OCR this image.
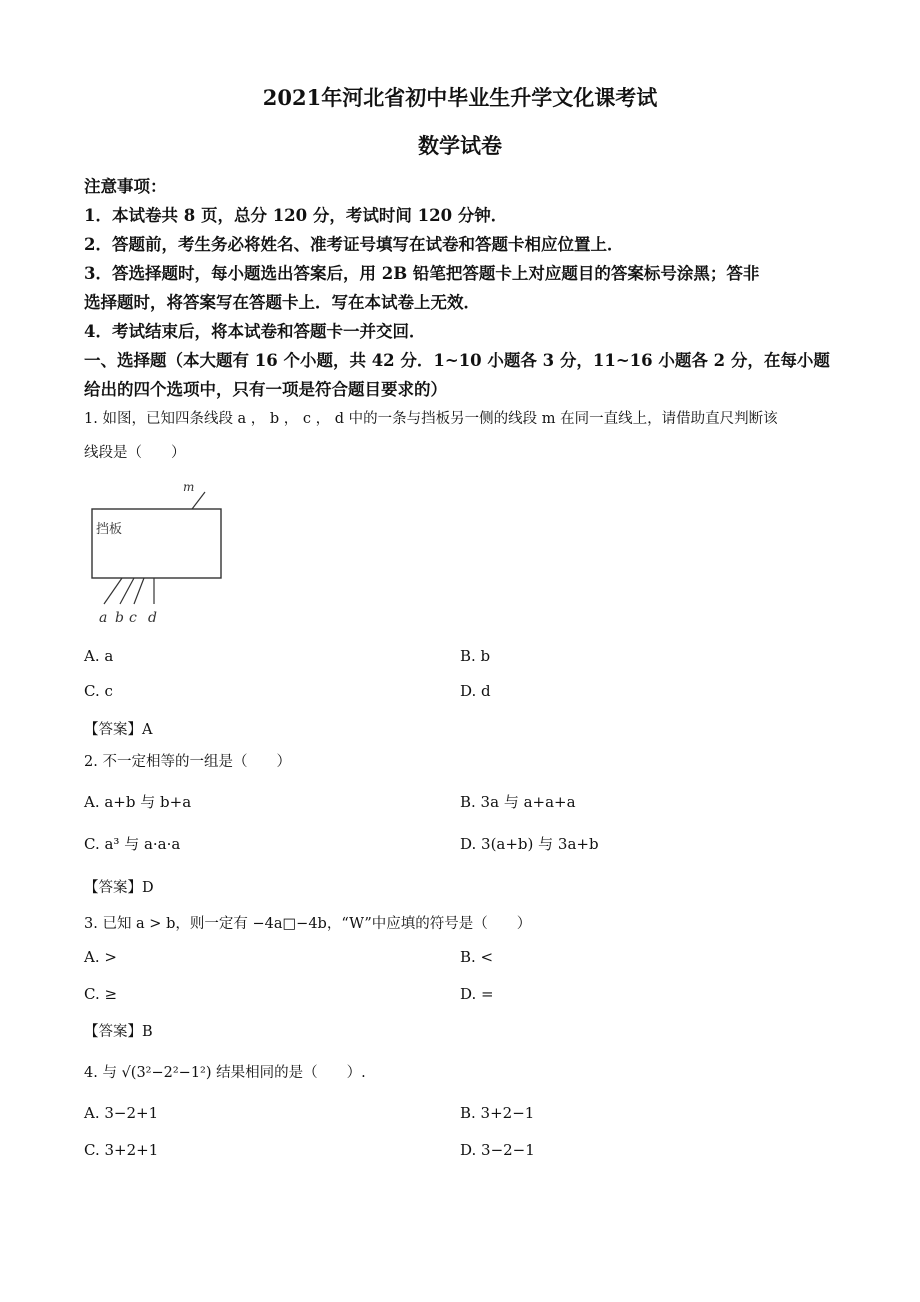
2021年河北省初中毕业生升学文化课考试
数学试卷
注意事项：
1．本试卷共 8 页，总分 120 分，考试时间 120 分钟．
2．答题前，考生务必将姓名、准考证号填写在试卷和答题卡相应位置上．
3．答选择题时，每小题选出答案后，用 2B 铅笔把答题卡上对应题目的答案标号涂黑；答非
选择题时，将答案写在答题卡上．写在本试卷上无效．
4．考试结束后，将本试卷和答题卡一并交回．
一、选择题（本大题有 16 个小题，共 42 分．1~10 小题各 3 分，11~16 小题各 2 分，在每小题
给出的四个选项中，只有一项是符合题目要求的）
1. 如图，已知四条线段 a ， b ， c ， d 中的一条与挡板另一侧的线段 m 在同一直线上，请借助直尺判断该
线段是（　　）
m
挡板
a b c d
A. a	B. b
C. c	D. d
【答案】A
2. 不一定相等的一组是（　　）
A. a+b 与 b+a	B. 3a 与 a+a+a
C. a³ 与 a·a·a	D. 3(a+b) 与 3a+b
【答案】D
3. 已知 a > b，则一定有 −4a□−4b，“W”中应填的符号是（　　）
A. >	B. <
C. ≥	D. =
【答案】B
4. 与 √(3²−2²−1²) 结果相同的是（　　）.
A. 3−2+1	B. 3+2−1
C. 3+2+1	D. 3−2−1
